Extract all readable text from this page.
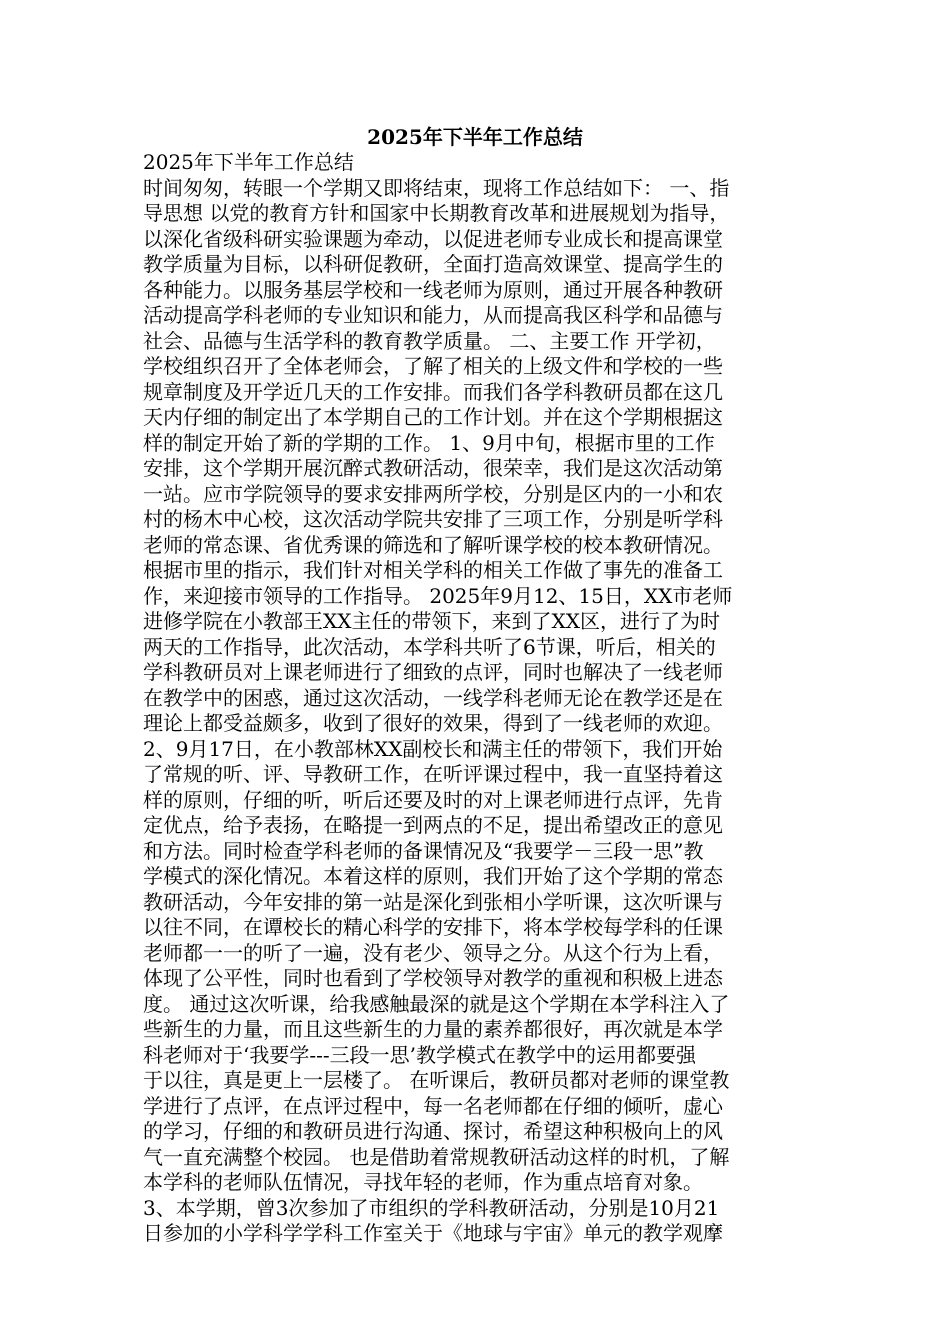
2025年下半年工作总结
2025年下半年工作总结
时间匆匆，转眼一个学期又即将结束，现将工作总结如下： 一、指
导思想 以党的教育方针和国家中长期教育改革和进展规划为指导，
以深化省级科研实验课题为牵动，以促进老师专业成长和提高课堂
教学质量为目标，以科研促教研，全面打造高效课堂、提高学生的
各种能力。以服务基层学校和一线老师为原则，通过开展各种教研
活动提高学科老师的专业知识和能力，从而提高我区科学和品德与
社会、品德与生活学科的教育教学质量。 二、主要工作 开学初，
学校组织召开了全体老师会，了解了相关的上级文件和学校的一些
规章制度及开学近几天的工作安排。而我们各学科教研员都在这几
天内仔细的制定出了本学期自己的工作计划。并在这个学期根据这
样的制定开始了新的学期的工作。 1、9月中旬，根据市里的工作
安排，这个学期开展沉醉式教研活动，很荣幸，我们是这次活动第
一站。应市学院领导的要求安排两所学校，分别是区内的一小和农
村的杨木中心校，这次活动学院共安排了三项工作，分别是听学科
老师的常态课、省优秀课的筛选和了解听课学校的校本教研情况。
根据市里的指示，我们针对相关学科的相关工作做了事先的准备工
作，来迎接市领导的工作指导。 2025年9月12、15日，XX市老师
进修学院在小教部王XX主任的带领下，来到了XX区，进行了为时
两天的工作指导，此次活动，本学科共听了6节课，听后，相关的
学科教研员对上课老师进行了细致的点评，同时也解决了一线老师
在教学中的困惑，通过这次活动，一线学科老师无论在教学还是在
理论上都受益颇多，收到了很好的效果，得到了一线老师的欢迎。
2、9月17日，在小教部林XX副校长和满主任的带领下，我们开始
了常规的听、评、导教研工作，在听评课过程中，我一直坚持着这
样的原则，仔细的听，听后还要及时的对上课老师进行点评，先肯
定优点，给予表扬，在略提一到两点的不足，提出希望改正的意见
和方法。同时检查学科老师的备课情况及“我要学－三段一思”教
学模式的深化情况。本着这样的原则，我们开始了这个学期的常态
教研活动，今年安排的第一站是深化到张相小学听课，这次听课与
以往不同，在谭校长的精心科学的安排下，将本学校每学科的任课
老师都一一的听了一遍，没有老少、领导之分。从这个行为上看，
体现了公平性，同时也看到了学校领导对教学的重视和积极上进态
度。 通过这次听课，给我感触最深的就是这个学期在本学科注入了
些新生的力量，而且这些新生的力量的素养都很好，再次就是本学
科老师对于‘我要学---三段一思’教学模式在教学中的运用都要强
于以往，真是更上一层楼了。 在听课后，教研员都对老师的课堂教
学进行了点评，在点评过程中，每一名老师都在仔细的倾听，虚心
的学习，仔细的和教研员进行沟通、探讨，希望这种积极向上的风
气一直充满整个校园。 也是借助着常规教研活动这样的时机，了解
本学科的老师队伍情况，寻找年轻的老师，作为重点培育对象。
3、本学期，曾3次参加了市组织的学科教研活动，分别是10月21
日参加的小学科学学科工作室关于《地球与宇宙》单元的教学观摩
